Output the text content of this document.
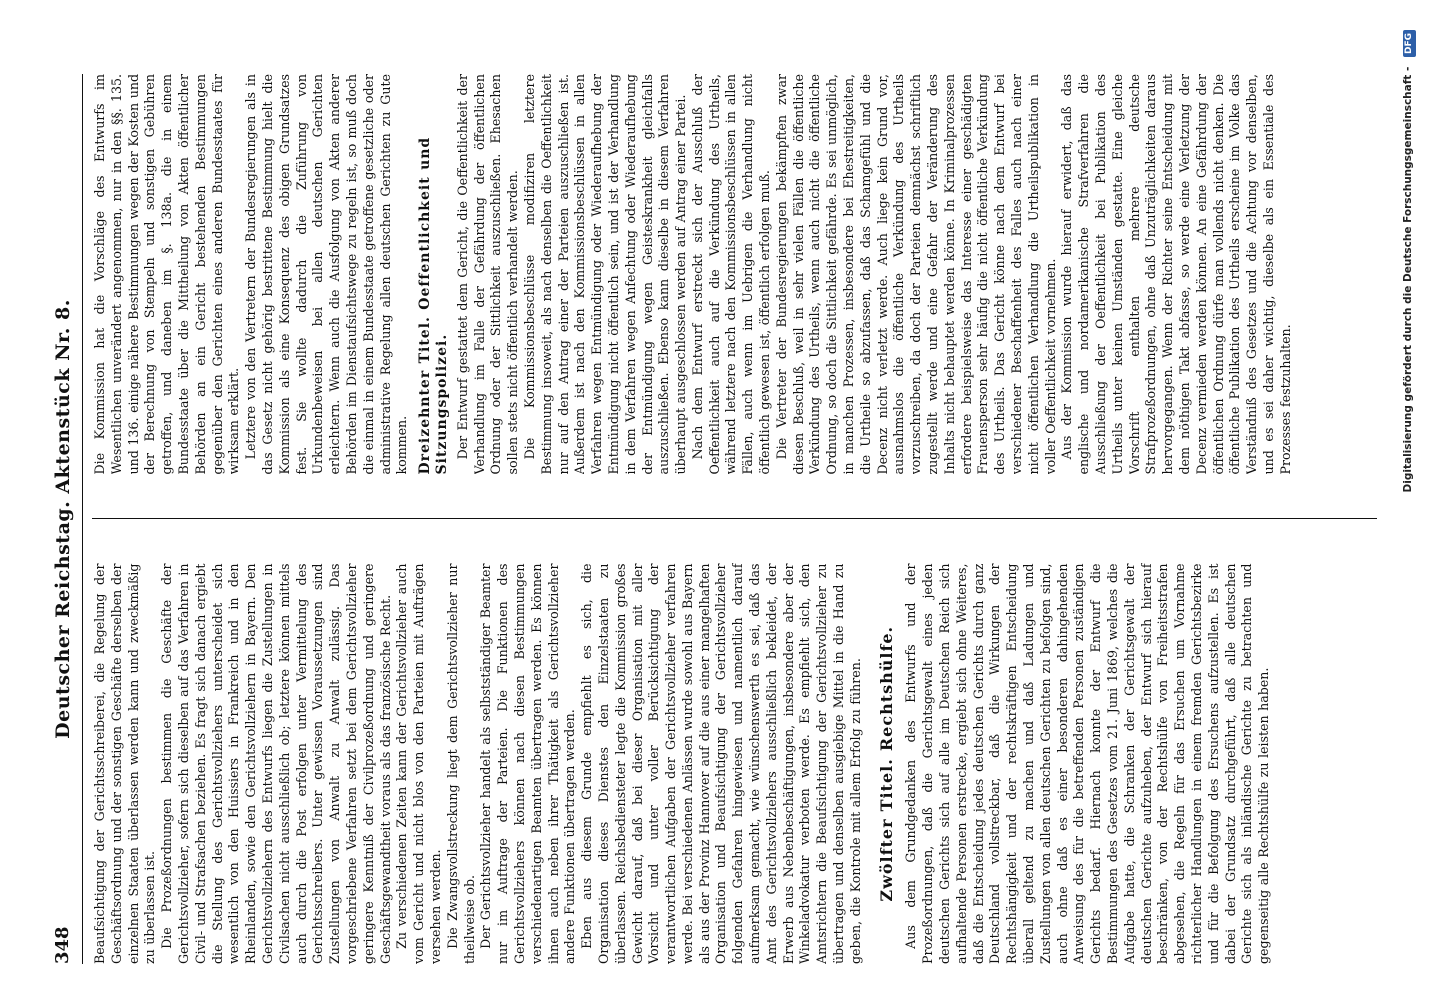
348
Deutscher Reichstag. Aktenstück Nr. 8.

Beaufsichtigung der Gerichtsschreiberei, die Regelung der Geschäftsordnung und der sonstigen Geschäfte derselben der einzelnen Staaten überlassen werden kann und zweckmäßig zu überlassen ist. Die Prozeßordnungen bestimmen die Geschäfte der Gerichtsvollzieher, sofern sich dieselben auf das Verfahren in Civil- und Strafsachen beziehen. Es fragt sich danach ergiebt die Stellung des Gerichtsvollziehers unterscheidet sich wesentlich von den Huissiers in Frankreich und in den Rheinlanden, sowie den Gerichtsvollziehern in Bayern. Den Gerichtsvollziehern des Entwurfs liegen die Zustellungen in Civilsachen nicht ausschließlich ob; letztere können mittels auch durch die Post erfolgen unter Vermittelung des Gerichtsschreibers. Unter gewissen Voraussetzungen sind Zustellungen von Anwalt zu Anwalt zulässig. Das vorgeschriebene Verfahren setzt bei dem Gerichtsvollzieher geringere Kenntniß der Civilprozeßordnung und geringere Geschäftsgewandtheit voraus als das französische Recht. Zu verschiedenen Zeiten kann der Gerichtsvollzieher auch vom Gericht und nicht blos von den Parteien mit Aufträgen versehen werden. Die Zwangsvollstreckung liegt dem Gerichtsvollzieher nur theilweise ob. Der Gerichtsvollzieher handelt als selbstständiger Beamter nur im Auftrage der Parteien. Die Funktionen des Gerichtsvollziehers können nach diesen Bestimmungen verschiedenartigen Beamten übertragen werden. Es können ihnen auch neben ihrer Thätigkeit als Gerichtsvollzieher andere Funktionen übertragen werden. Eben aus diesem Grunde empfiehlt es sich, die Organisation dieses Dienstes den Einzelstaaten zu überlassen. Reichsbediensteter legte die Kommission großes Gewicht darauf, daß bei dieser Organisation mit aller Vorsicht und unter voller Berücksichtigung der verantwortlichen Aufgaben der Gerichtsvollzieher verfahren werde. Bei verschiedenen Anlässen wurde sowohl aus Bayern als aus der Provinz Hannover auf die aus einer mangelhaften Organisation und Beaufsichtigung der Gerichtsvollzieher folgenden Gefahren hingewiesen und namentlich darauf aufmerksam gemacht, wie wünschenswerth es sei, daß das Amt des Gerichtsvollziehers ausschließlich bekleidet, der Erwerb aus Nebenbeschäftigungen, insbesondere aber der Winkeladvokatur verboten werde. Es empfiehlt sich, den Amtsrichtern die Beaufsichtigung der Gerichtsvollzieher zu übertragen und denselben ausgiebige Mittel in die Hand zu geben, die Kontrole mit allem Erfolg zu führen. Zwölfter Titel. Rechtshülfe. Aus dem Grundgedanken des Entwurfs und der Prozeßordnungen, daß die Gerichtsgewalt eines jeden deutschen Gerichts sich auf alle im Deutschen Reich sich aufhaltende Personen erstrecke, ergiebt sich ohne Weiteres, daß die Entscheidung jedes deutschen Gerichts durch ganz Deutschland vollstreckbar, daß die Wirkungen der Rechtshängigkeit und der rechtskräftigen Entscheidung überall geltend zu machen und daß Ladungen und Zustellungen von allen deutschen Gerichten zu befolgen sind, auch ohne daß es einer besonderen dahingehenden Anweisung des für die betreffenden Personen zuständigen Gerichts bedarf. Hiernach konnte der Entwurf die Bestimmungen des Gesetzes vom 21. Juni 1869, welches die Aufgabe hatte, die Schranken der Gerichtsgewalt der deutschen Gerichte aufzuheben, der Entwurf sich hierauf beschränken, von der Rechtshülfe von Freiheitsstrafen abgesehen, die Regeln für das Ersuchen um Vornahme richterlicher Handlungen in einem fremden Gerichtsbezirke und für die Befolgung des Ersuchens aufzustellen. Es ist dabei der Grundsatz durchgeführt, daß alle deutschen Gerichte sich als inländische Gerichte zu betrachten und gegenseitig alle Rechtshülfe zu leisten haben.

Die Kommission hat die Vorschläge des Entwurfs im Wesentlichen unverändert angenommen, nur in den §§. 135. und 136. einige nähere Bestimmungen wegen der Kosten und der Berechnung von Stempeln und sonstigen Gebühren getroffen, und daneben im §. 138a. die in einem Bundesstaate über die Mittheilung von Akten öffentlicher Behörden an ein Gericht bestehenden Bestimmungen gegenüber den Gerichten eines anderen Bundesstaates für wirksam erklärt. Letztere von den Vertretern der Bundesregierungen als in das Gesetz nicht gehörig bestrittene Bestimmung hielt die Kommission als eine Konsequenz des obigen Grundsatzes fest. Sie wollte dadurch die Zuführung von Urkundenbeweisen bei allen deutschen Gerichten erleichtern. Wenn auch die Ausfolgung von Akten anderer Behörden im Dienstaufsichtswege zu regeln ist, so muß doch die einmal in einem Bundesstaate getroffene gesetzliche oder administrative Regelung allen deutschen Gerichten zu Gute kommen. Dreizehnter Titel. Oeffentlichkeit und Sitzungspolizei. Der Entwurf gestattet dem Gericht, die Oeffentlichkeit der Verhandlung im Falle der Gefährdung der öffentlichen Ordnung oder der Sittlichkeit auszuschließen. Ehesachen sollen stets nicht öffentlich verhandelt werden. Die Kommissionsbeschlüsse modifiziren letztere Bestimmung insoweit, als nach denselben die Oeffentlichkeit nur auf den Antrag einer der Parteien auszuschließen ist. Außerdem ist nach den Kommissionsbeschlüssen in allen Verfahren wegen Entmündigung oder Wiederaufhebung der Entmündigung nicht öffentlich sein, und ist der Verhandlung in dem Verfahren wegen Anfechtung oder Wiederaufhebung der Entmündigung wegen Geisteskrankheit gleichfalls auszuschließen. Ebenso kann dieselbe in diesem Verfahren überhaupt ausgeschlossen werden auf Antrag einer Partei. Nach dem Entwurf erstreckt sich der Ausschluß der Oeffentlichkeit auch auf die Verkündung des Urtheils, während letztere nach den Kommissionsbeschlüssen in allen Fällen, auch wenn im Uebrigen die Verhandlung nicht öffentlich gewesen ist, öffentlich erfolgen muß. Die Vertreter der Bundesregierungen bekämpften zwar diesen Beschluß, weil in sehr vielen Fällen die öffentliche Verkündung des Urtheils, wenn auch nicht die öffentliche Ordnung, so doch die Sittlichkeit gefährde. Es sei unmöglich, in manchen Prozessen, insbesondere bei Ehestreitigkeiten, die Urtheile so abzufassen, daß das Schamgefühl und die Decenz nicht verletzt werde. Auch liege kein Grund vor, ausnahmslos die öffentliche Verkündung des Urtheils vorzuschreiben, da doch der Parteien demnächst schriftlich zugestellt werde und eine Gefahr der Veränderung des Inhalts nicht behauptet werden könne. In Kriminalprozessen erfordere beispielsweise das Interesse einer geschädigten Frauensperson sehr häufig die nicht öffentliche Verkündung des Urtheils. Das Gericht könne nach dem Entwurf bei verschiedener Beschaffenheit des Falles auch nach einer nicht öffentlichen Verhandlung die Urtheilspublikation in voller Oeffentlichkeit vornehmen. Aus der Kommission wurde hierauf erwidert, daß das englische und nordamerikanische Strafverfahren die Ausschließung der Oeffentlichkeit bei Publikation des Urtheils unter keinen Umständen gestatte. Eine gleiche Vorschrift enthalten mehrere deutsche Strafprozeßordnungen, ohne daß Unzuträglichkeiten daraus hervorgegangen. Wenn der Richter seine Entscheidung mit dem nöthigen Takt abfasse, so werde eine Verletzung der Decenz vermieden werden können. An eine Gefährdung der öffentlichen Ordnung dürfe man vollends nicht denken. Die öffentliche Publikation des Urtheils erscheine im Volke das Verständniß des Gesetzes und die Achtung vor denselben, und es sei daher wichtig, dieselbe als ein Essentiale des Prozesses festzuhalten.	Digitalisierung gefördert durch die Deutsche Forschungsgemeinschaft - DFG
